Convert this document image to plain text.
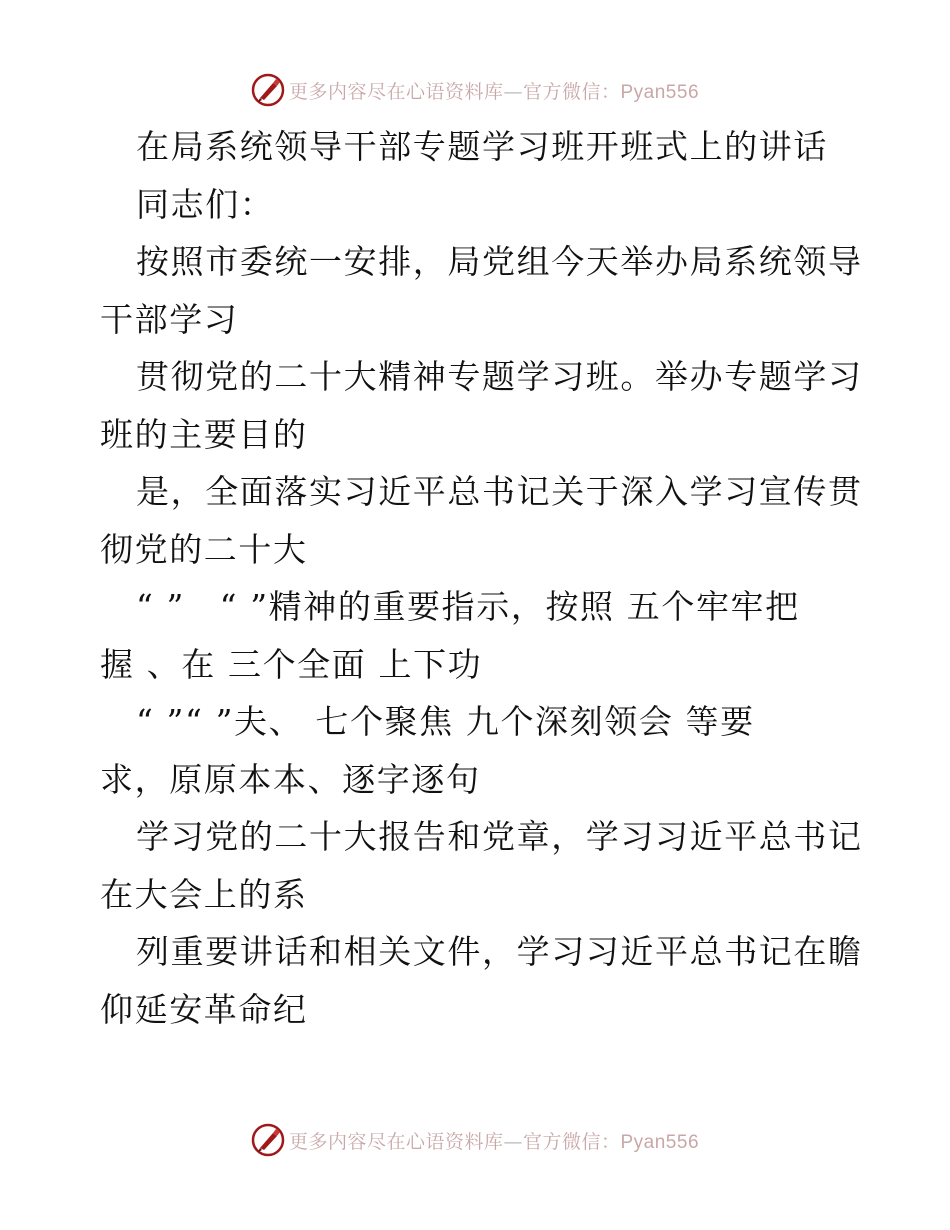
更多内容尽在心语资料库—官方微信：Pyan556
在局系统领导干部专题学习班开班式上的讲话
同志们：
按照市委统一安排，局党组今天举办局系统领导
干部学习
贯彻党的二十大精神专题学习班。举办专题学习
班的主要目的
是，全面落实习近平总书记关于深入学习宣传贯
彻党的二十大
“ ”　“ ”精神的重要指示，按照 五个牢牢把
握 、在 三个全面 上下功
“ ”“ ”夫、 七个聚焦 九个深刻领会 等要
求，原原本本、逐字逐句
学习党的二十大报告和党章，学习习近平总书记
在大会上的系
列重要讲话和相关文件，学习习近平总书记在瞻
仰延安革命纪
更多内容尽在心语资料库—官方微信：Pyan556
